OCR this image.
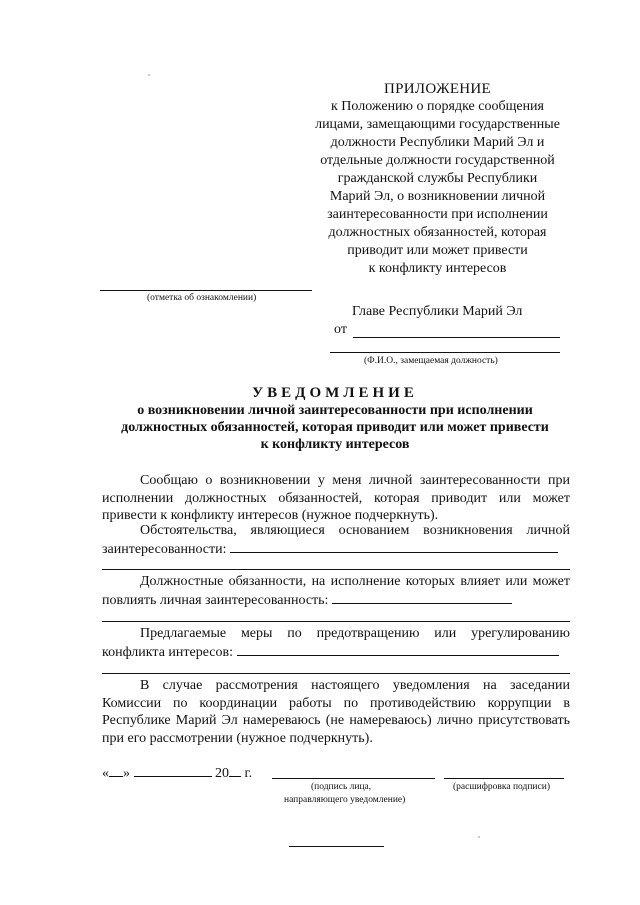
ПРИЛОЖЕНИЕ
к Положению о порядке сообщения
лицами, замещающими государственные
должности Республики Марий Эл и
отдельные должности государственной
гражданской службы Республики
Марий Эл, о возникновении личной
заинтересованности при исполнении
должностных обязанностей, которая
приводит или может привести
к конфликту интересов
(отметка об ознакомлении)
Главе Республики Марий Эл
от
(Ф.И.О., замещаемая должность)
УВЕДОМЛЕНИЕ
о возникновении личной заинтересованности при исполнении
должностных обязанностей, которая приводит или может привести
к конфликту интересов
Сообщаю о возникновении у меня личной заинтересованности при исполнении должностных обязанностей, которая приводит или может привести к конфликту интересов (нужное подчеркнуть).
Обстоятельства, являющиеся основанием возникновения личной заинтересованности:
Должностные обязанности, на исполнение которых влияет или может повлиять личная заинтересованность:
Предлагаемые меры по предотвращению или урегулированию конфликта интересов:
В случае рассмотрения настоящего уведомления на заседании Комиссии по координации работы по противодействию коррупции в Республике Марий Эл намереваюсь (не намереваюсь) лично присутствовать при его рассмотрении (нужное подчеркнуть).
« »	20 г.
(подпись лица,
направляющего уведомление)
(расшифровка подписи)
